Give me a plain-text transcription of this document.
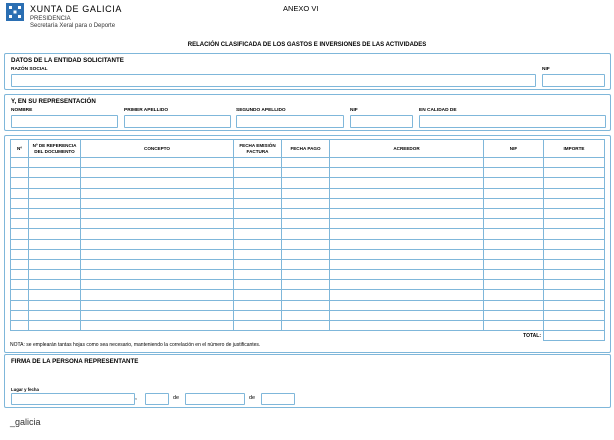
XUNTA DE GALICIA
PRESIDENCIA
Secretaría Xeral para o Deporte
ANEXO VI
RELACIÓN CLASIFICADA DE LOS GASTOS E INVERSIONES DE LAS ACTIVIDADES
DATOS DE LA ENTIDAD SOLICITANTE
RAZÓN SOCIAL	NIF
Y, EN SU REPRESENTACIÓN
NOMBRE	PRIMER APELLIDO	SEGUNDO APELLIDO	NIF	EN CALIDAD DE
Nº	Nº DE REFERENCIA DEL DOCUMENTO	CONCEPTO	FECHA EMISIÓN FACTURA	FECHA PAGO	ACREEDOR	NIF	IMPORTE

						TOTAL:	
NOTA: se emplearán tantas hojas como sea necesario, manteniendo la correlación en el número de justificantes.
FIRMA DE LA PERSONA REPRESENTANTE
Lugar y fecha
,	de	de
_galicia
